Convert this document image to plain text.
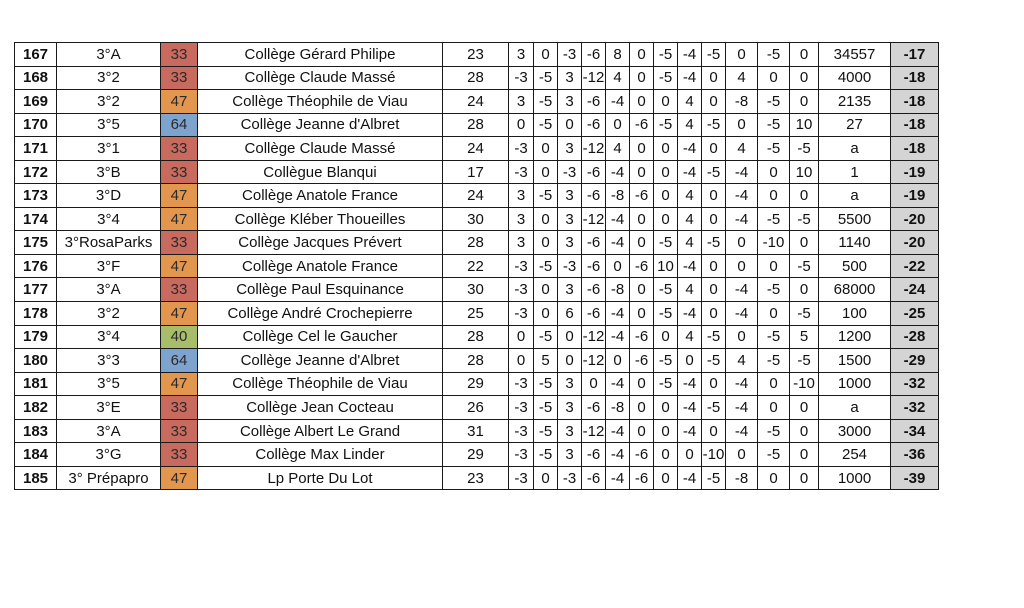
167	3°A	33	Collège Gérard Philipe	23	3	0	-3	-6	8	0	-5	-4	-5	0	-5	0	34557	-17
168	3°2	33	Collège Claude Massé	28	-3	-5	3	-12	4	0	-5	-4	0	4	0	0	4000	-18
169	3°2	47	Collège Théophile de Viau	24	3	-5	3	-6	-4	0	0	4	0	-8	-5	0	2135	-18
170	3°5	64	Collège Jeanne d'Albret	28	0	-5	0	-6	0	-6	-5	4	-5	0	-5	10	27	-18
171	3°1	33	Collège Claude Massé	24	-3	0	3	-12	4	0	0	-4	0	4	-5	-5	a	-18
172	3°B	33	Collègue Blanqui	17	-3	0	-3	-6	-4	0	0	-4	-5	-4	0	10	1	-19
173	3°D	47	Collège Anatole France	24	3	-5	3	-6	-8	-6	0	4	0	-4	0	0	a	-19
174	3°4	47	Collège Kléber Thoueilles	30	3	0	3	-12	-4	0	0	4	0	-4	-5	-5	5500	-20
175	3°RosaParks	33	Collège Jacques Prévert	28	3	0	3	-6	-4	0	-5	4	-5	0	-10	0	1140	-20
176	3°F	47	Collège Anatole France	22	-3	-5	-3	-6	0	-6	10	-4	0	0	0	-5	500	-22
177	3°A	33	Collège Paul Esquinance	30	-3	0	3	-6	-8	0	-5	4	0	-4	-5	0	68000	-24
178	3°2	47	Collège André Crochepierre	25	-3	0	6	-6	-4	0	-5	-4	0	-4	0	-5	100	-25
179	3°4	40	Collège Cel le Gaucher	28	0	-5	0	-12	-4	-6	0	4	-5	0	-5	5	1200	-28
180	3°3	64	Collège Jeanne d'Albret	28	0	5	0	-12	0	-6	-5	0	-5	4	-5	-5	1500	-29
181	3°5	47	Collège Théophile de Viau	29	-3	-5	3	0	-4	0	-5	-4	0	-4	0	-10	1000	-32
182	3°E	33	Collège Jean Cocteau	26	-3	-5	3	-6	-8	0	0	-4	-5	-4	0	0	a	-32
183	3°A	33	Collège Albert Le Grand	31	-3	-5	3	-12	-4	0	0	-4	0	-4	-5	0	3000	-34
184	3°G	33	Collège Max Linder	29	-3	-5	3	-6	-4	-6	0	0	-10	0	-5	0	254	-36
185	3° Prépapro	47	Lp Porte Du Lot	23	-3	0	-3	-6	-4	-6	0	-4	-5	-8	0	0	1000	-39
